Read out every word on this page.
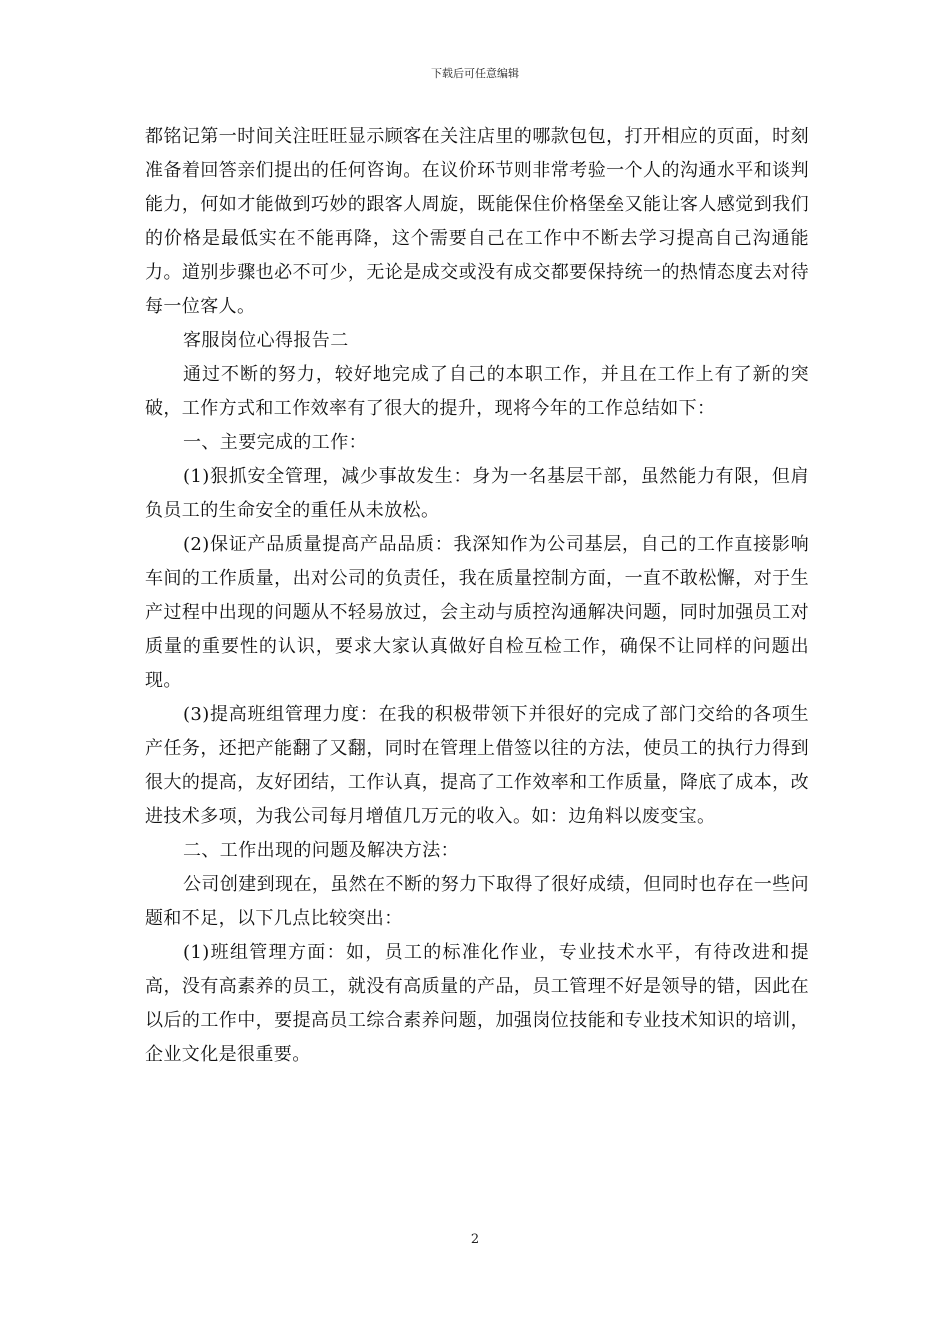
下载后可任意编辑

都铭记第一时间关注旺旺显示顾客在关注店里的哪款包包，打开相应的页面，时刻准备着回答亲们提出的任何咨询。在议价环节则非常考验一个人的沟通水平和谈判能力，何如才能做到巧妙的跟客人周旋，既能保住价格堡垒又能让客人感觉到我们的价格是最低实在不能再降，这个需要自己在工作中不断去学习提高自己沟通能力。道别步骤也必不可少，无论是成交或没有成交都要保持统一的热情态度去对待每一位客人。

客服岗位心得报告二

通过不断的努力，较好地完成了自己的本职工作，并且在工作上有了新的突破，工作方式和工作效率有了很大的提升，现将今年的工作总结如下：

一、主要完成的工作：

(1)狠抓安全管理，减少事故发生：身为一名基层干部，虽然能力有限，但肩负员工的生命安全的重任从未放松。

(2)保证产品质量提高产品品质：我深知作为公司基层，自己的工作直接影响车间的工作质量，出对公司的负责任，我在质量控制方面，一直不敢松懈，对于生产过程中出现的问题从不轻易放过，会主动与质控沟通解决问题，同时加强员工对质量的重要性的认识，要求大家认真做好自检互检工作，确保不让同样的问题出现。

(3)提高班组管理力度：在我的积极带领下并很好的完成了部门交给的各项生产任务，还把产能翻了又翻，同时在管理上借签以往的方法，使员工的执行力得到很大的提高，友好团结，工作认真，提高了工作效率和工作质量，降底了成本，改进技术多项，为我公司每月增值几万元的收入。如：边角料以废变宝。

二、工作出现的问题及解决方法：

公司创建到现在，虽然在不断的努力下取得了很好成绩，但同时也存在一些问题和不足，以下几点比较突出：

(1)班组管理方面：如，员工的标准化作业，专业技术水平，有待改进和提高，没有高素养的员工，就没有高质量的产品，员工管理不好是领导的错，因此在以后的工作中，要提高员工综合素养问题，加强岗位技能和专业技术知识的培训，企业文化是很重要。

2
